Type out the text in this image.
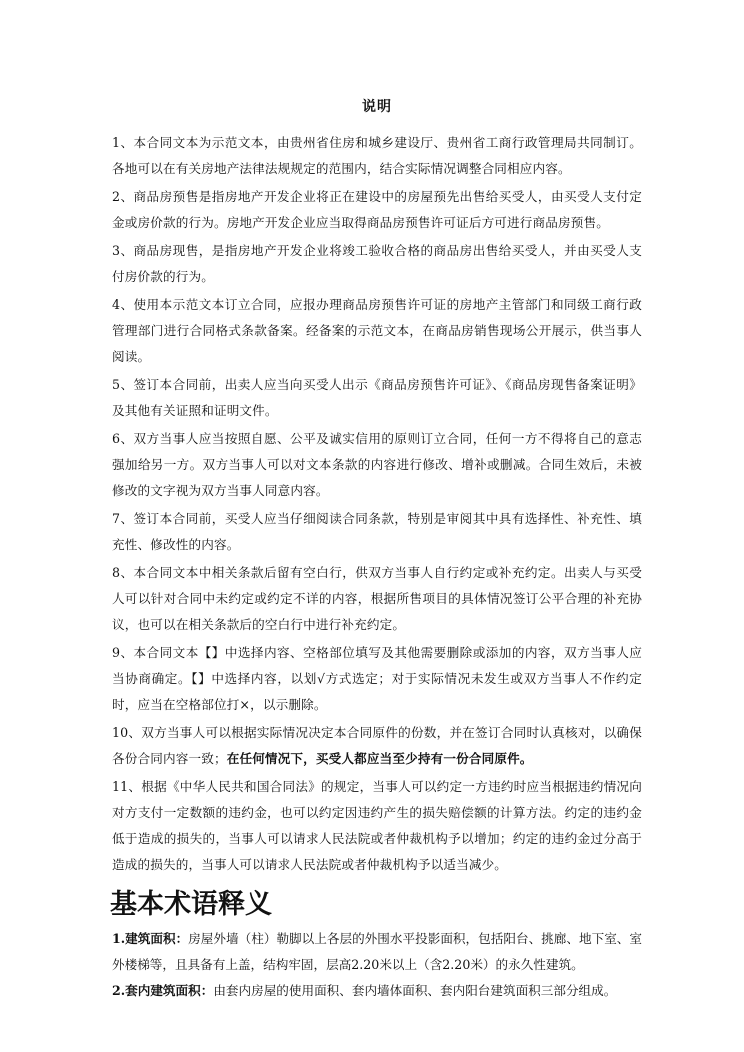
说明

1、本合同文本为示范文本，由贵州省住房和城乡建设厅、贵州省工商行政管理局共同制订。各地可以在有关房地产法律法规规定的范围内，结合实际情况调整合同相应内容。

2、商品房预售是指房地产开发企业将正在建设中的房屋预先出售给买受人，由买受人支付定金或房价款的行为。房地产开发企业应当取得商品房预售许可证后方可进行商品房预售。

3、商品房现售，是指房地产开发企业将竣工验收合格的商品房出售给买受人，并由买受人支付房价款的行为。

4、使用本示范文本订立合同，应报办理商品房预售许可证的房地产主管部门和同级工商行政管理部门进行合同格式条款备案。经备案的示范文本，在商品房销售现场公开展示，供当事人阅读。

5、签订本合同前，出卖人应当向买受人出示《商品房预售许可证》、《商品房现售备案证明》及其他有关证照和证明文件。

6、双方当事人应当按照自愿、公平及诚实信用的原则订立合同，任何一方不得将自己的意志强加给另一方。双方当事人可以对文本条款的内容进行修改、增补或删减。合同生效后，未被修改的文字视为双方当事人同意内容。

7、签订本合同前，买受人应当仔细阅读合同条款，特别是审阅其中具有选择性、补充性、填充性、修改性的内容。

8、本合同文本中相关条款后留有空白行，供双方当事人自行约定或补充约定。出卖人与买受人可以针对合同中未约定或约定不详的内容，根据所售项目的具体情况签订公平合理的补充协议，也可以在相关条款后的空白行中进行补充约定。

9、本合同文本【】中选择内容、空格部位填写及其他需要删除或添加的内容，双方当事人应当协商确定。【】中选择内容，以划√方式选定；对于实际情况未发生或双方当事人不作约定时，应当在空格部位打×，以示删除。

10、双方当事人可以根据实际情况决定本合同原件的份数，并在签订合同时认真核对，以确保各份合同内容一致；在任何情况下，买受人都应当至少持有一份合同原件。

11、根据《中华人民共和国合同法》的规定，当事人可以约定一方违约时应当根据违约情况向对方支付一定数额的违约金，也可以约定因违约产生的损失赔偿额的计算方法。约定的违约金低于造成的损失的，当事人可以请求人民法院或者仲裁机构予以增加；约定的违约金过分高于造成的损失的，当事人可以请求人民法院或者仲裁机构予以适当减少。

基本术语释义

1.建筑面积：房屋外墙（柱）勒脚以上各层的外围水平投影面积，包括阳台、挑廊、地下室、室外楼梯等，且具备有上盖，结构牢固，层高2.20米以上（含2.20米）的永久性建筑。

2.套内建筑面积：由套内房屋的使用面积、套内墙体面积、套内阳台建筑面积三部分组成。
